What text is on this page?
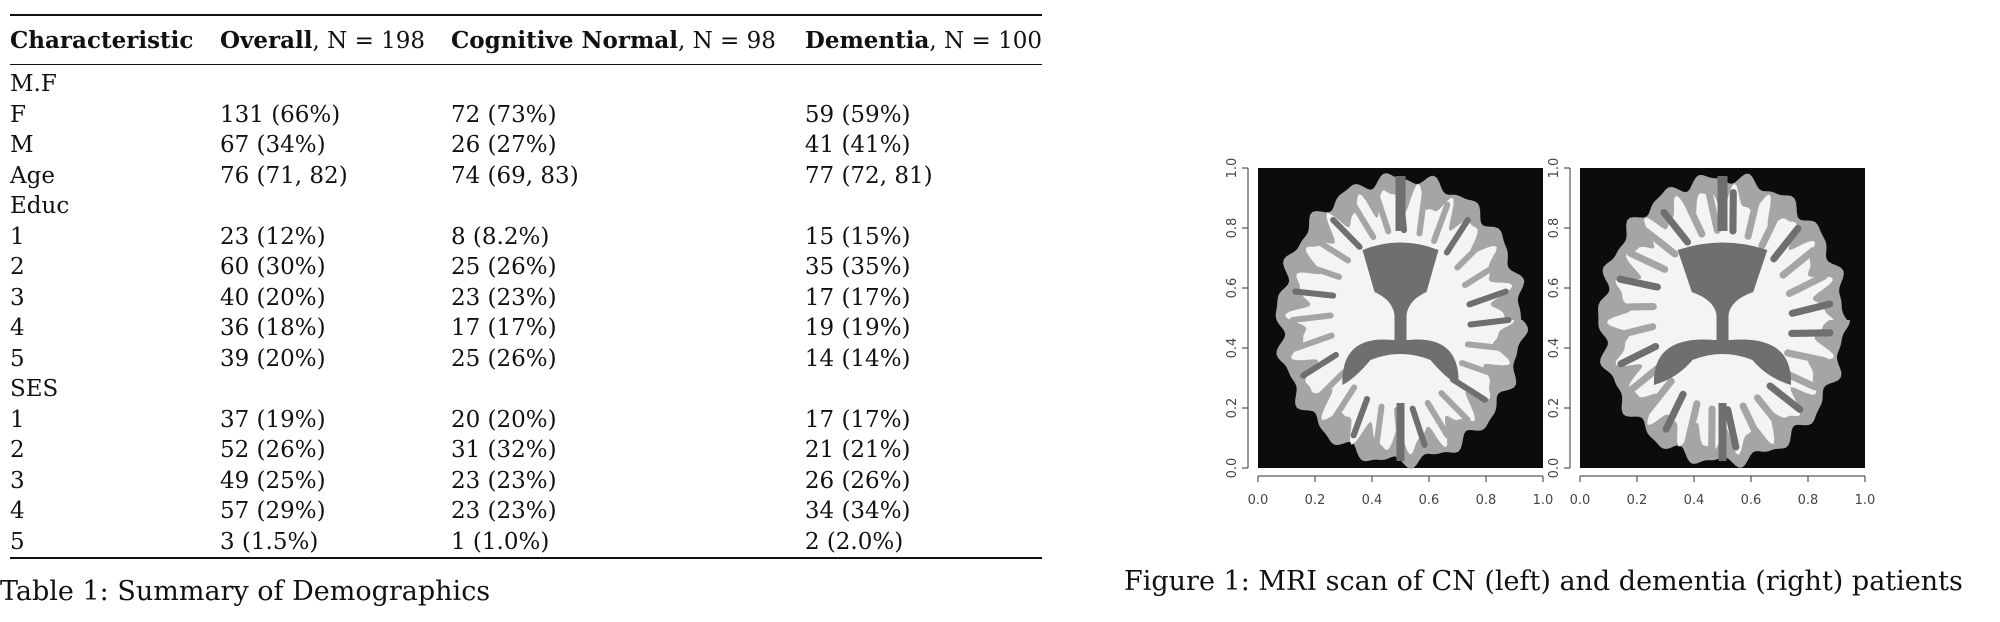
Characteristic	Overall, N = 198	Cognitive Normal, N = 98	Dementia, N = 100
M.F			
F	131 (66%)	72 (73%)	59 (59%)
M	67 (34%)	26 (27%)	41 (41%)
Age	76 (71, 82)	74 (69, 83)	77 (72, 81)
Educ			
1	23 (12%)	8 (8.2%)	15 (15%)
2	60 (30%)	25 (26%)	35 (35%)
3	40 (20%)	23 (23%)	17 (17%)
4	36 (18%)	17 (17%)	19 (19%)
5	39 (20%)	25 (26%)	14 (14%)
SES			
1	37 (19%)	20 (20%)	17 (17%)
2	52 (26%)	31 (32%)	21 (21%)
3	49 (25%)	23 (23%)	26 (26%)
4	57 (29%)	23 (23%)	34 (34%)
5	3 (1.5%)	1 (1.0%)	2 (2.0%)
Table 1: Summary of Demographics
0.0
0.2
0.4
0.6
0.8
1.0
0.0	0.2	0.4	0.6	0.8	1.0
0.0
0.2
0.4
0.6
0.8
1.0
0.0	0.2	0.4	0.6	0.8	1.0
Figure 1: MRI scan of CN (left) and dementia (right) patients
